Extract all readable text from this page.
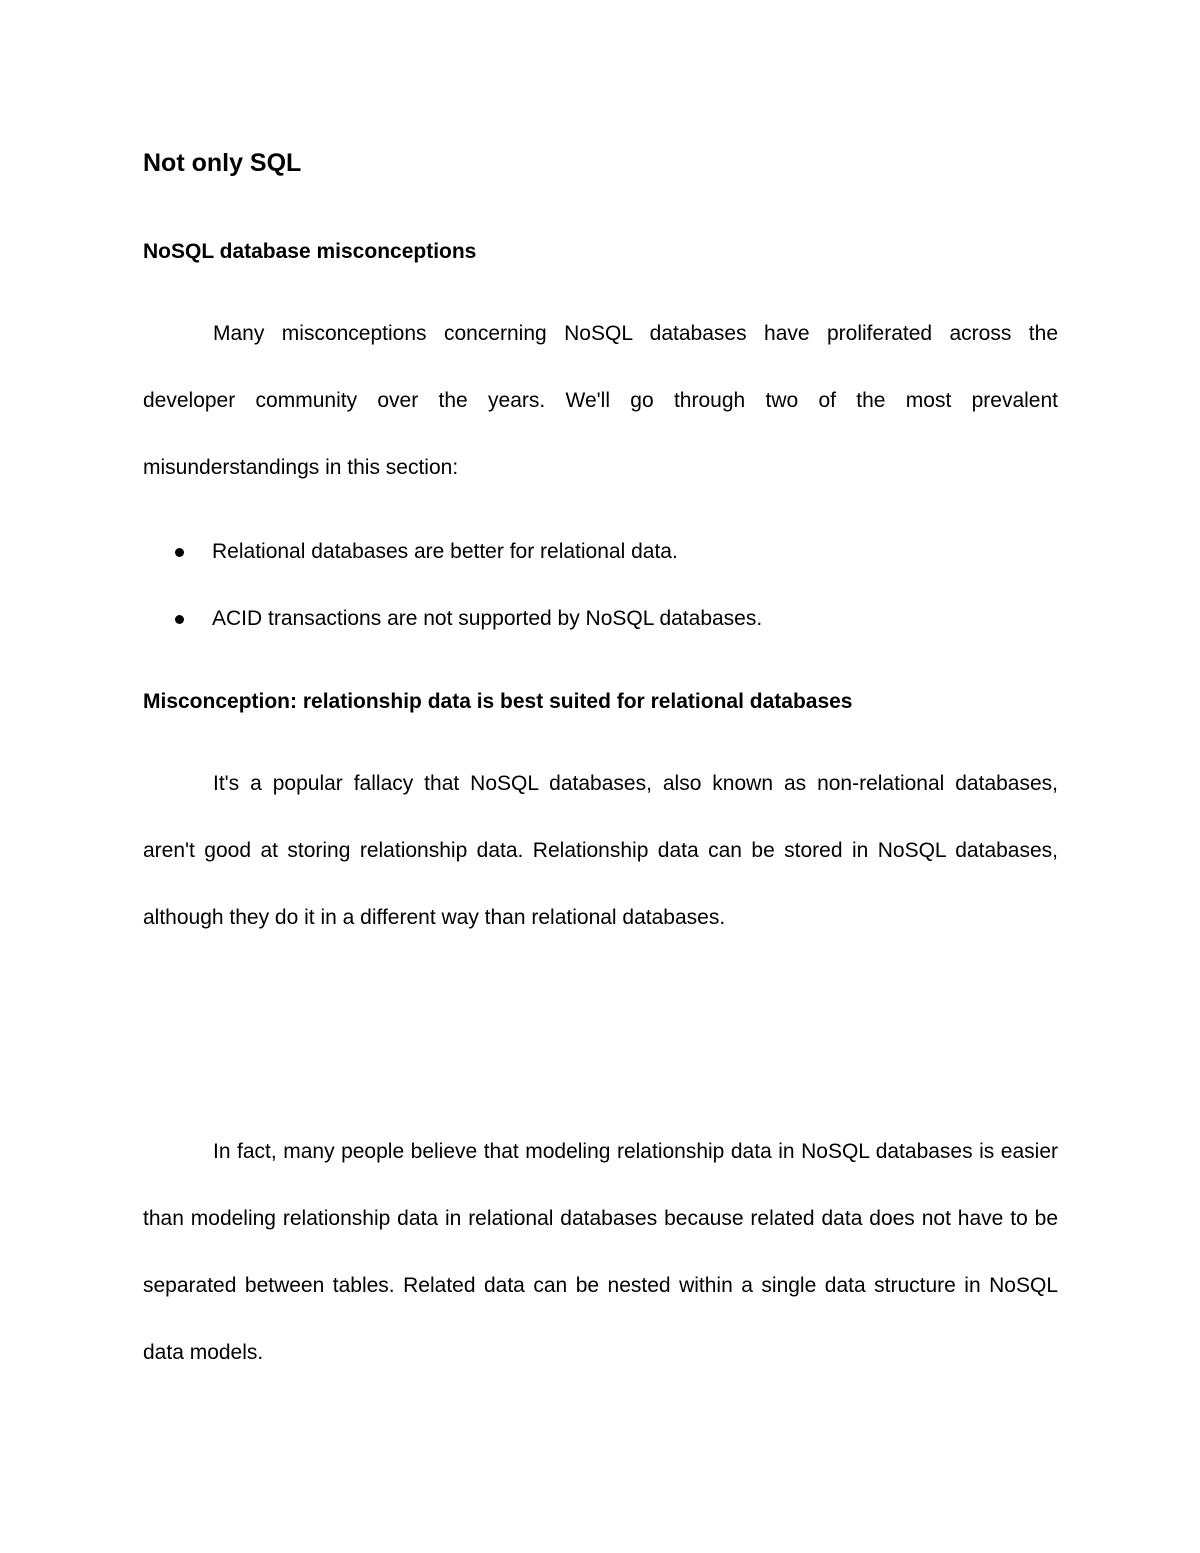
Not only SQL
NoSQL database misconceptions

Many misconceptions concerning NoSQL databases have proliferated across the developer community over the years. We'll go through two of the most prevalent misunderstandings in this section:

Relational databases are better for relational data.
ACID transactions are not supported by NoSQL databases.
Misconception: relationship data is best suited for relational databases

It's a popular fallacy that NoSQL databases, also known as non-relational databases, aren't good at storing relationship data. Relationship data can be stored in NoSQL databases, although they do it in a different way than relational databases.

In fact, many people believe that modeling relationship data in NoSQL databases is easier than modeling relationship data in relational databases because related data does not have to be separated between tables. Related data can be nested within a single data structure in NoSQL data models.
